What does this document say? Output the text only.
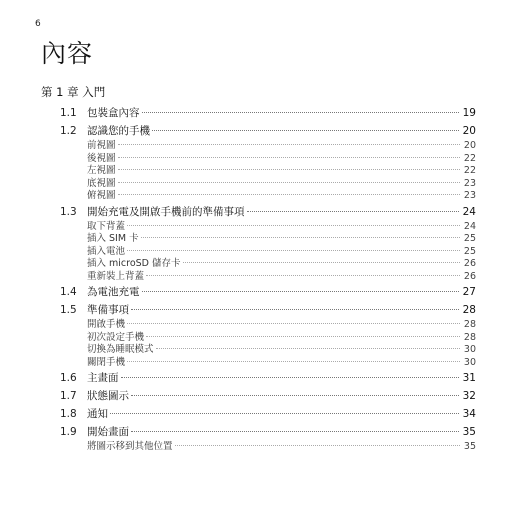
6
內容
第 1 章 入門
1.1 包裝盒內容	19
1.2 認識您的手機	20
前視圖	20
後視圖	22
左視圖	22
底視圖	23
俯視圖	23
1.3 開始充電及開啟手機前的準備事項	24
取下背蓋	24
插入 SIM 卡	25
插入電池	25
插入 microSD 儲存卡	26
重新裝上背蓋	26
1.4 為電池充電	27
1.5 準備事項	28
開啟手機	28
初次設定手機	28
切換為睡眠模式	30
關閉手機	30
1.6 主畫面	31
1.7 狀態圖示	32
1.8 通知	34
1.9 開始畫面	35
將圖示移到其他位置	35
